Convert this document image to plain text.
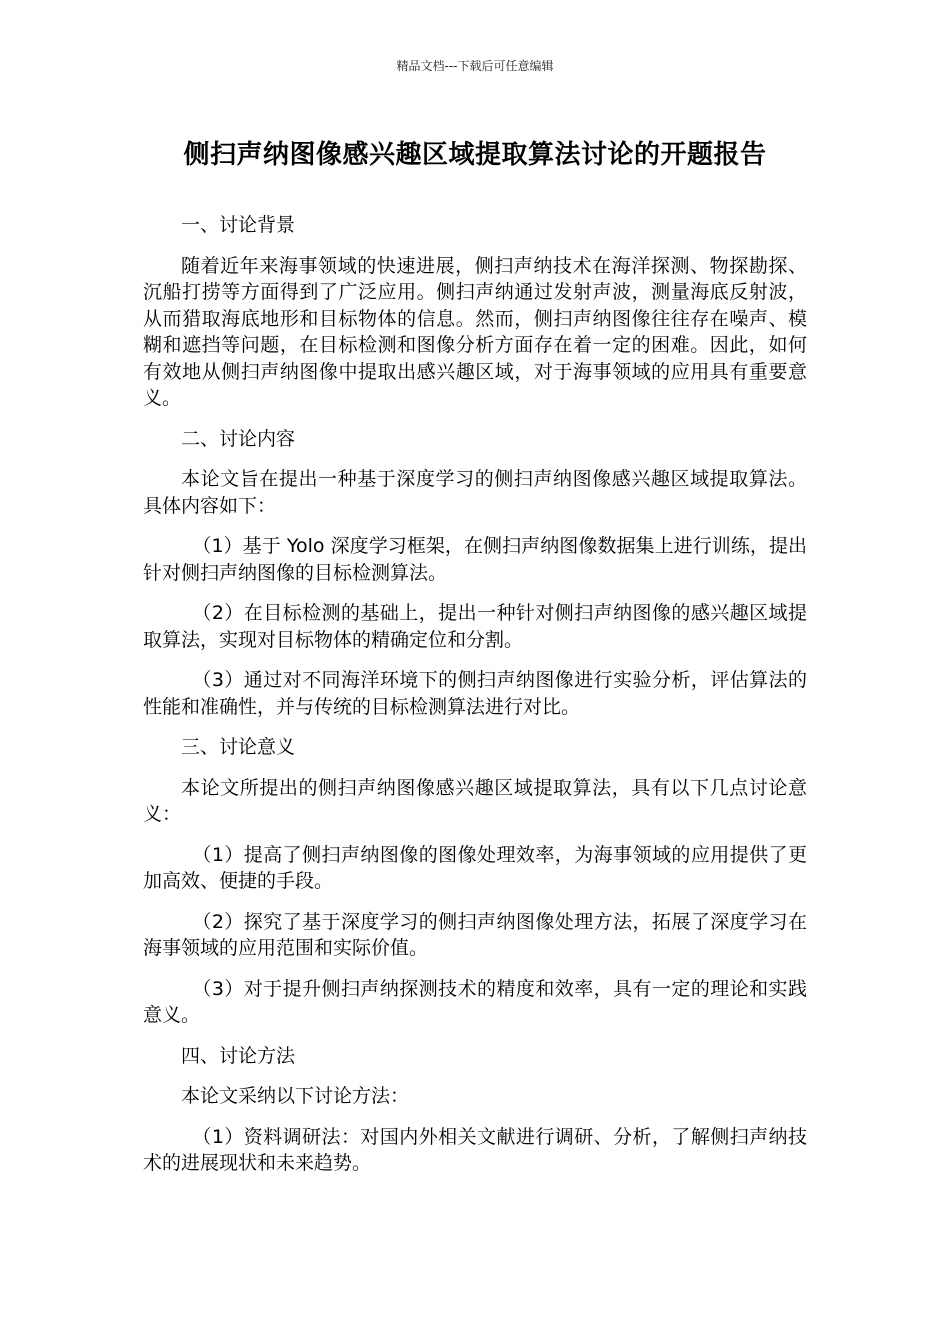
精品文档---下载后可任意编辑
侧扫声纳图像感兴趣区域提取算法讨论的开题报告
一、讨论背景
随着近年来海事领域的快速进展，侧扫声纳技术在海洋探测、物探勘探、沉船打捞等方面得到了广泛应用。侧扫声纳通过发射声波，测量海底反射波，从而猎取海底地形和目标物体的信息。然而，侧扫声纳图像往往存在噪声、模糊和遮挡等问题，在目标检测和图像分析方面存在着一定的困难。因此，如何有效地从侧扫声纳图像中提取出感兴趣区域，对于海事领域的应用具有重要意义。
二、讨论内容
本论文旨在提出一种基于深度学习的侧扫声纳图像感兴趣区域提取算法。具体内容如下：
（1）基于 Yolo 深度学习框架，在侧扫声纳图像数据集上进行训练，提出针对侧扫声纳图像的目标检测算法。
（2）在目标检测的基础上，提出一种针对侧扫声纳图像的感兴趣区域提取算法，实现对目标物体的精确定位和分割。
（3）通过对不同海洋环境下的侧扫声纳图像进行实验分析，评估算法的性能和准确性，并与传统的目标检测算法进行对比。
三、讨论意义
本论文所提出的侧扫声纳图像感兴趣区域提取算法，具有以下几点讨论意义：
（1）提高了侧扫声纳图像的图像处理效率，为海事领域的应用提供了更加高效、便捷的手段。
（2）探究了基于深度学习的侧扫声纳图像处理方法，拓展了深度学习在海事领域的应用范围和实际价值。
（3）对于提升侧扫声纳探测技术的精度和效率，具有一定的理论和实践意义。
四、讨论方法
本论文采纳以下讨论方法：
（1）资料调研法：对国内外相关文献进行调研、分析，了解侧扫声纳技术的进展现状和未来趋势。
